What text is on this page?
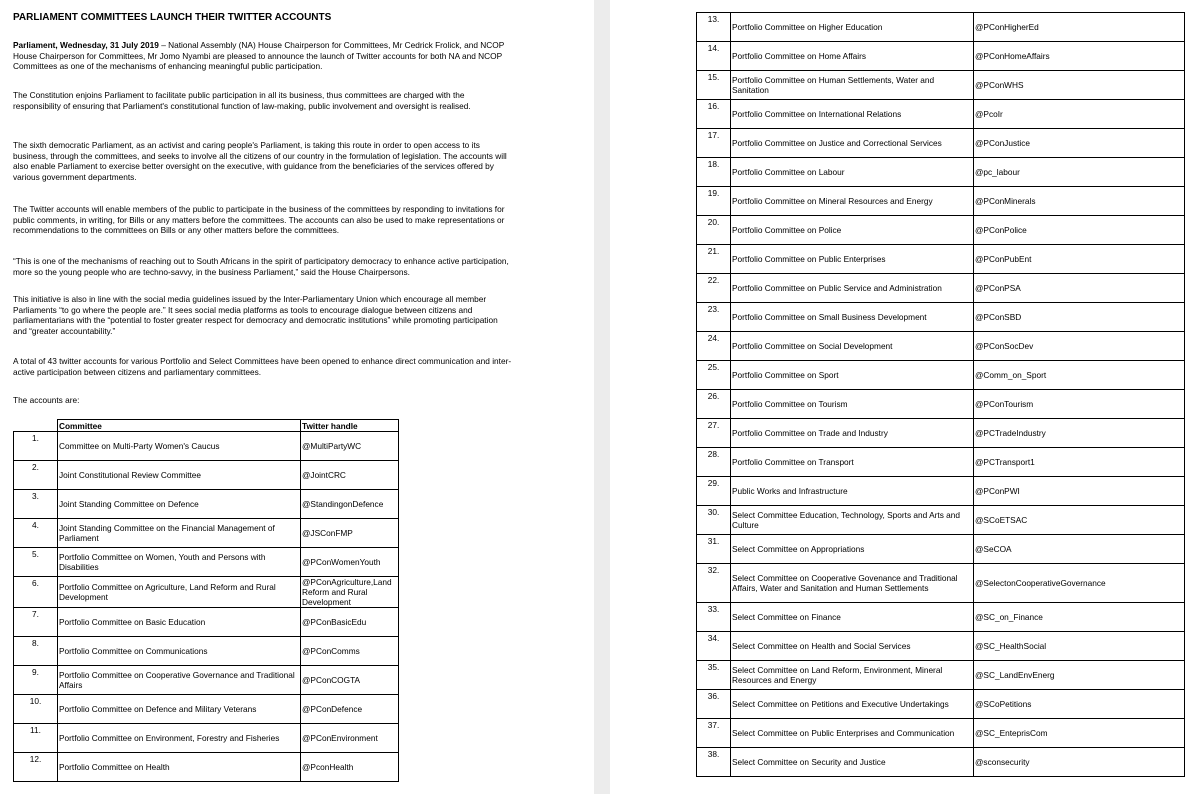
PARLIAMENT COMMITTEES LAUNCH THEIR TWITTER ACCOUNTS

Parliament, Wednesday, 31 July 2019 – National Assembly (NA) House Chairperson for Committees, Mr Cedrick Frolick, and NCOP House Chairperson for Committees, Mr Jomo Nyambi are pleased to announce the launch of Twitter accounts for both NA and NCOP Committees as one of the mechanisms of enhancing meaningful public participation.

The Constitution enjoins Parliament to facilitate public participation in all its business, thus committees are charged with the responsibility of ensuring that Parliament's constitutional function of law-making, public involvement and oversight is realised.

The sixth democratic Parliament, as an activist and caring people's Parliament, is taking this route in order to open access to its business, through the committees, and seeks to involve all the citizens of our country in the formulation of legislation. The accounts will also enable Parliament to exercise better oversight on the executive, with guidance from the beneficiaries of the services offered by various government departments.

The Twitter accounts will enable members of the public to participate in the business of the committees by responding to invitations for public comments, in writing, for Bills or any matters before the committees. The accounts can also be used to make representations or recommendations to the committees on Bills or any other matters before the committees.

“This is one of the mechanisms of reaching out to South Africans in the spirit of participatory democracy to enhance active participation, more so the young people who are techno-savvy, in the business Parliament,” said the House Chairpersons.

This initiative is also in line with the social media guidelines issued by the Inter-Parliamentary Union which encourage all member Parliaments “to go where the people are.” It sees social media platforms as tools to encourage dialogue between citizens and parliamentarians with the “potential to foster greater respect for democracy and democratic institutions” while promoting participation and “greater accountability.”

A total of 43 twitter accounts for various Portfolio and Select Committees have been opened to enhance direct communication and inter-active participation between citizens and parliamentary committees.

The accounts are:

	Committee	Twitter handle
1.	Committee on Multi-Party Women's Caucus	@MultiPartyWC
2.	Joint Constitutional Review Committee	@JointCRC
3.	Joint Standing Committee on Defence	@StandingonDefence
4.	Joint Standing Committee on the Financial Management of Parliament	@JSConFMP
5.	Portfolio Committee on Women, Youth and Persons with Disabilities	@PConWomenYouth
6.	Portfolio Committee on Agriculture, Land Reform and Rural Development	@PConAgriculture,Land Reform and Rural Development
7.	Portfolio Committee on Basic Education	@PConBasicEdu
8.	Portfolio Committee on Communications	@PConComms
9.	Portfolio Committee on Cooperative Governance and Traditional Affairs	@PConCOGTA
10.	Portfolio Committee on Defence and Military Veterans	@PConDefence
11.	Portfolio Committee on Environment, Forestry and Fisheries	@PConEnvironment
12.	Portfolio Committee on Health	@PconHealth
13.	Portfolio Committee on Higher Education	@PConHigherEd
14.	Portfolio Committee on Home Affairs	@PConHomeAffairs
15.	Portfolio Committee on Human Settlements, Water and Sanitation	@PConWHS
16.	Portfolio Committee on International Relations	@PcoIr
17.	Portfolio Committee on Justice and Correctional Services	@PConJustice
18.	Portfolio Committee on Labour	@pc_labour
19.	Portfolio Committee on Mineral Resources and Energy	@PConMinerals
20.	Portfolio Committee on Police	@PConPolice
21.	Portfolio Committee on Public Enterprises	@PConPubEnt
22.	Portfolio Committee on Public Service and Administration	@PConPSA
23.	Portfolio Committee on Small Business Development	@PConSBD
24.	Portfolio Committee on Social Development	@PConSocDev
25.	Portfolio Committee on Sport	@Comm_on_Sport
26.	Portfolio Committee on Tourism	@PConTourism
27.	Portfolio Committee on Trade and Industry	@PCTradeIndustry
28.	Portfolio Committee on Transport	@PCTransport1
29.	Public Works and Infrastructure	@PConPWI
30.	Select Committee Education, Technology, Sports and Arts and Culture	@SCoETSAC
31.	Select Committee on Appropriations	@SeCOA
32.	Select Committee on Cooperative Govenance and Traditional Affairs, Water and Sanitation and Human Settlements	@SelectonCooperativeGovernance
33.	Select Committee on Finance	@SC_on_Finance
34.	Select Committee on Health and Social Services	@SC_HealthSocial
35.	Select Committee on Land Reform, Environment, Mineral Resources and Energy	@SC_LandEnvEnerg
36.	Select Committee on Petitions and Executive Undertakings	@SCoPetitions
37.	Select Committee on Public Enterprises and Communication	@SC_EnteprisCom
38.	Select Committee on Security and Justice	@sconsecurity
